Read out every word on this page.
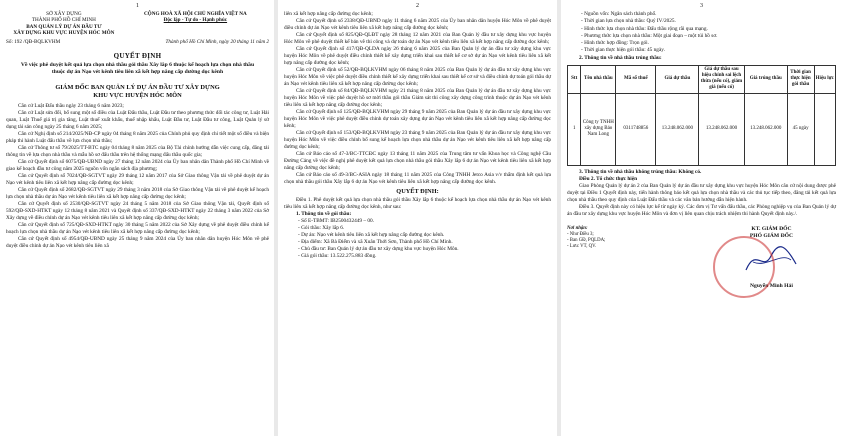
1
SỞ XÂY DỰNG
THÀNH PHỐ HỒ CHÍ MINH
BAN QUẢN LÝ DỰ ÁN ĐẦU TƯ
XÂY DỰNG KHU VỰC HUYỆN HÓC MÔN
CỘNG HOÀ XÃ HỘI CHỦ NGHĨA VIỆT NA
Độc lập - Tự do - Hạnh phúc
Số: 192 /QĐ-BQLKVHM	Thành phố Hồ Chí Minh, ngày 20 tháng 11 năm 2
QUYẾT ĐỊNH
Về việc phê duyệt kết quả lựa chọn nhà thầu gói thầu Xây lắp 6 thuộc kế hoạch lựa chọn nhà thầu thuộc dự án Nạo vét kênh tiêu liên xã kết hợp nâng cấp đường dọc kênh
GIÁM ĐỐC BAN QUẢN LÝ DỰ ÁN ĐẦU TƯ XÂY DỰNG
KHU VỰC HUYỆN HÓC MÔN

Căn cứ Luật Đấu thầu ngày 23 tháng 6 năm 2023;

Căn cứ Luật sửa đổi, bổ sung một số điều của Luật Đấu thầu, Luật Đầu tư theo phương thức đối tác công tư, Luật Hải quan, Luật Thuế giá trị gia tăng, Luật thuế xuất khẩu, thuế nhập khẩu, Luật Đầu tư, Luật Đầu tư công, Luật Quản lý sử dụng tài sản công ngày 25 tháng 6 năm 2025;

Căn cứ Nghị định số 214/2025/NĐ-CP ngày 04 tháng 8 năm 2025 của Chính phủ quy định chi tiết một số điều và biện pháp thi hành Luật đấu thầu về lựa chọn nhà thầu;

Căn cứ Thông tư số 79/2025/TT-BTC ngày 04 tháng 8 năm 2025 của Bộ Tài chính hướng dẫn việc cung cấp, đăng tải thông tin về lựa chọn nhà thầu và mẫu hồ sơ đấu thầu trên hệ thống mạng đấu thầu quốc gia;

Căn cứ Quyết định số 6075/QĐ-UBND ngày 27 tháng 12 năm 2024 của Ủy ban nhân dân Thành phố Hồ Chí Minh về giao kế hoạch đầu tư công năm 2025 nguồn vốn ngân sách địa phương;

Căn cứ Quyết định số 7024/QĐ-SGTVT ngày 29 tháng 12 năm 2017 của Sở Giao thông Vận tải về phê duyệt dự án Nạo vét kênh tiêu liên xã kết hợp nâng cấp đường dọc kênh;

Căn cứ Quyết định số 2682/QĐ-SGTVT ngày 29 tháng 3 năm 2018 của Sở Giao thông Vận tải về phê duyệt kế hoạch lựa chọn nhà thầu dự án Nạo vét kênh tiêu liên xã kết hợp nâng cấp đường dọc kênh;

Căn cứ Quyết định số 2530/QĐ-SGTVT ngày 24 tháng 5 năm 2018 của Sở Giao thông Vận tải, Quyết định số 592/QĐ-SXD-HTKT ngày 12 tháng 8 năm 2021 và Quyết định số 337/QĐ-SXD-HTKT ngày 22 tháng 3 năm 2022 của Sở Xây dựng về điều chỉnh dự án Nạo vét kênh tiêu liên xã kết hợp nâng cấp đường dọc kênh;

Căn cứ Quyết định số 725/QĐ-SXD-HTKT ngày 30 tháng 5 năm 2022 của Sở Xây dựng về phê duyệt điều chỉnh kế hoạch lựa chọn nhà thầu dự án Nạo vét kênh tiêu liên xã kết hợp nâng cấp đường dọc kênh;

Căn cứ Quyết định số 4954/QĐ-UBND ngày 25 tháng 9 năm 2024 của Ủy ban nhân dân huyện Hóc Môn về phê duyệt điều chỉnh dự án Nạo vét kênh tiêu liên xã

2

liên xã kết hợp nâng cấp đường dọc kênh;

Căn cứ Quyết định số 2338/QĐ-UBND ngày 11 tháng 6 năm 2025 của Ủy ban nhân dân huyện Hóc Môn về phê duyệt điều chỉnh dự án Nạo vét kênh tiêu liên xã kết hợp nâng cấp đường dọc kênh;

Căn cứ Quyết định số 825/QĐ-QLĐT ngày 28 tháng 12 năm 2021 của Ban Quản lý đầu tư xây dựng khu vực huyện Hóc Môn về phê duyệt thiết kế bản vẽ thi công và dự toán dự án Nạo vét kênh tiêu liên xã kết hợp nâng cấp đường dọc kênh;

Căn cứ Quyết định số 417/QĐ-QLDA ngày 26 tháng 6 năm 2025 của Ban Quản lý dự án đầu tư xây dựng khu vực huyện Hóc Môn về phê duyệt điều chỉnh thiết kế xây dựng triển khai sau thiết kế cơ sở dự án Nạo vét kênh tiêu liên xã kết hợp nâng cấp đường dọc kênh;

Căn cứ Quyết định số 52/QĐ-BQLKVHM ngày 06 tháng 8 năm 2025 của Ban Quản lý dự án đầu tư xây dựng khu vực huyện Hóc Môn về việc phê duyệt điều chỉnh thiết kế xây dựng triển khai sau thiết kế cơ sở và điều chỉnh dự toán gói thầu dự án Nạo vét kênh tiêu liên xã kết hợp nâng cấp đường dọc kênh;

Căn cứ Quyết định số 84/QĐ-BQLKVHM ngày 21 tháng 8 năm 2025 của Ban Quản lý dự án đầu tư xây dựng khu vực huyện Hóc Môn về việc phê duyệt hồ sơ mời thầu gói thầu Giám sát thi công xây dựng công trình thuộc dự án Nạo vét kênh tiêu liên xã kết hợp nâng cấp đường dọc kênh;

Căn cứ Quyết định số 125/QĐ-BQLKVHM ngày 29 tháng 9 năm 2025 của Ban Quản lý dự án đầu tư xây dựng khu vực huyện Hóc Môn về việc phê duyệt điều chỉnh dự toán xây dựng dự án Nạo vét kênh tiêu liên xã kết hợp nâng cấp đường dọc kênh;

Căn cứ Quyết định số 153/QĐ-BQLKVHM ngày 23 tháng 9 năm 2025 của Ban Quản lý dự án đầu tư xây dựng khu vực huyện Hóc Môn về việc điều chỉnh bổ sung kế hoạch lựa chọn nhà thầu dự án Nạo vét kênh tiêu liên xã kết hợp nâng cấp đường dọc kênh;

Căn cứ Báo cáo số 47-3/BC-TTCĐC ngày 13 tháng 11 năm 2025 của Trung tâm tư vấn Khoa học và Công nghệ Cầu Đường Cảng về việc đề nghị phê duyệt kết quả lựa chọn nhà thầu gói thầu Xây lắp 6 dự án Nạo vét kênh tiêu liên xã kết hợp nâng cấp đường dọc kênh;

Căn cứ Báo cáo số 49-3/BC-ASIA ngày 18 tháng 11 năm 2025 của Công TNHH Jetco Asia v/v thẩm định kết quả lựa chọn nhà thầu gói thầu Xây lắp 6 dự án Nạo vét kênh tiêu liên xã kết hợp nâng cấp đường dọc kênh.

QUYẾT ĐỊNH:

Điều 1. Phê duyệt kết quả lựa chọn nhà thầu gói thầu Xây lắp 6 thuộc kế hoạch lựa chọn nhà thầu dự án Nạo vét kênh tiêu liên xã kết hợp nâng cấp đường dọc kênh, như sau:

1. Thông tin về gói thầu:

- Số E-TBMT: IB2500432449 – 00.
- Gói thầu: Xây lắp 6.
- Dự án: Nạo vét kênh tiêu liên xã kết hợp nâng cấp đường dọc kênh.
- Địa điểm: Xã Bà Điểm và xã Xuân Thới Sơn, Thành phố Hồ Chí Minh.
- Chủ đầu tư: Ban Quản lý dự án đầu tư xây dựng khu vực huyện Hóc Môn.
- Giá gói thầu: 13.522.275.883 đồng.
3
- Nguồn vốn: Ngân sách thành phố.
- Thời gian lựa chọn nhà thầu: Quý IV/2025.
- Hình thức lựa chọn nhà thầu: Đấu thầu rộng rãi qua mạng.
- Phương thức lựa chọn nhà thầu: Một giai đoạn – một túi hồ sơ.
- Hình thức hợp đồng: Trọn gói.
- Thời gian thực hiện gói thầu: 45 ngày.

2. Thông tin về nhà thầu trúng thầu:

Stt	Tên nhà thầu	Mã số thuế	Giá dự thầu	Giá dự thầu sau hiệu chỉnh sai lệch thừa (nếu có), giảm giá (nếu có)	Giá trúng thầu	Thời gian thực hiện gói thầu	Hiệu lực
1	Công ty TNHH xây dựng Bảo Nam Long	0311748856	13.248.062.000	13.248.062.000	13.248.062.000	45 ngày	

3. Thông tin về nhà thầu không trúng thầu: Không có.

Điều 2. Tổ chức thực hiện

Giao Phòng Quản lý dự án 2 của Ban Quản lý dự án đầu tư xây dựng khu vực huyện Hóc Môn căn cứ nội dung được phê duyệt tại Điều 1 Quyết định này, tiến hành thông báo kết quả lựa chọn nhà thầu và các thủ tục tiếp theo, đăng tải kết quả lựa chọn nhà thầu theo quy định của Luật Đấu thầu và các văn bản hướng dẫn hiện hành.

Điều 3. Quyết định này có hiệu lực kể từ ngày ký. Các đơn vị Tư vấn đấu thầu, các Phòng nghiệp vụ của Ban Quản lý dự án đầu tư xây dựng khu vực huyện Hóc Môn và đơn vị liên quan chịu trách nhiệm thi hành Quyết định này./.

Nơi nhận:
- Như Điều 3;
- Ban GĐ, PQLDA;
- Lưu: VT, QV.
KT. GIÁM ĐỐC
PHÓ GIÁM ĐỐC
Nguyễn Minh Hải
